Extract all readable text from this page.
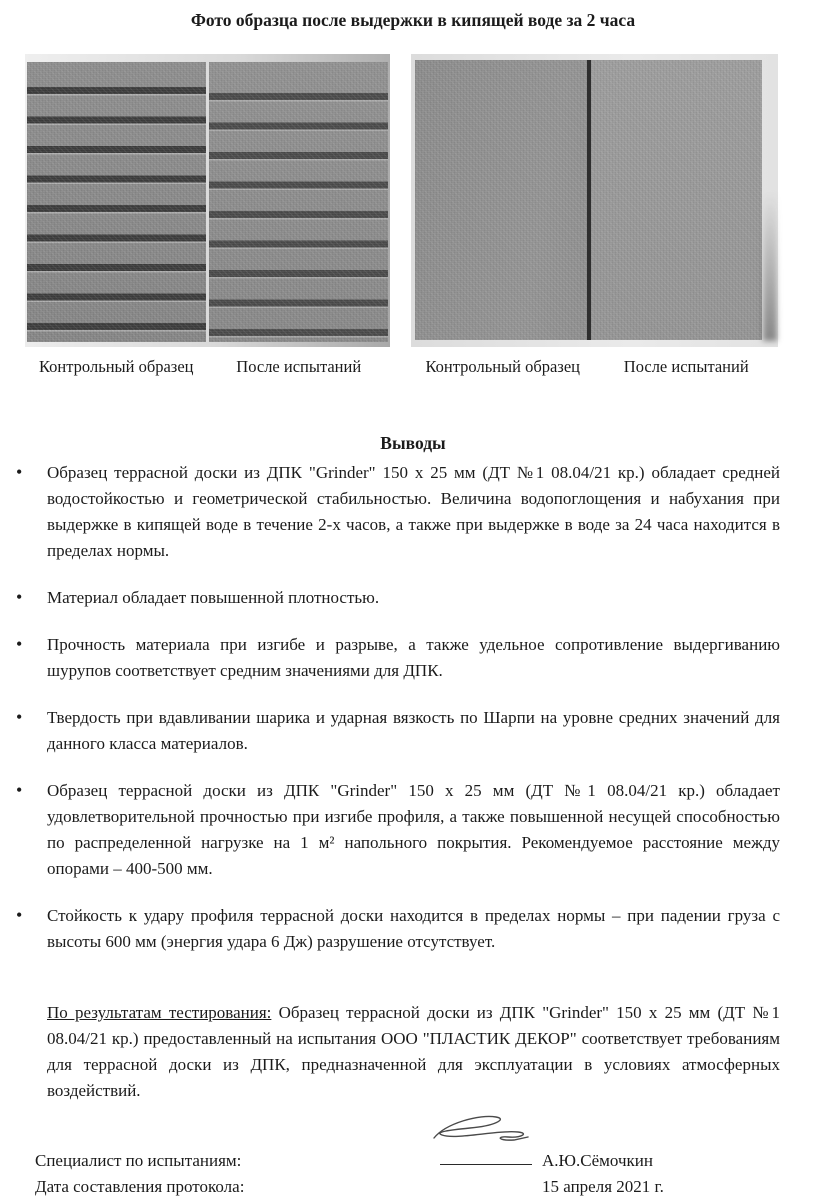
Фото образца после выдержки в кипящей воде за 2 часа
Контрольный образец	После испытаний	Контрольный образец	После испытаний
Выводы
• Образец террасной доски из ДПК "Grinder" 150 х 25 мм (ДТ №1 08.04/21 кр.) обладает средней водостойкостью и геометрической стабильностью. Величина водопоглощения и набухания при выдержке в кипящей воде в течение 2-х часов, а также при выдержке в воде за 24 часа находится в пределах нормы.
• Материал обладает повышенной плотностью.
• Прочность материала при изгибе и разрыве, а также удельное сопротивление выдергиванию шурупов соответствует средним значениями для ДПК.
• Твердость при вдавливании шарика и ударная вязкость по Шарпи на уровне средних значений для данного класса материалов.
• Образец террасной доски из ДПК "Grinder" 150 х 25 мм (ДТ №1 08.04/21 кр.) обладает удовлетворительной прочностью при изгибе профиля, а также повышенной несущей способностью по распределенной нагрузке на 1 м² напольного покрытия. Рекомендуемое расстояние между опорами – 400-500 мм.
• Стойкость к удару профиля террасной доски находится в пределах нормы – при падении груза с высоты 600 мм (энергия удара 6 Дж) разрушение отсутствует.

По результатам тестирования: Образец террасной доски из ДПК "Grinder" 150 х 25 мм (ДТ №1 08.04/21 кр.) предоставленный на испытания ООО "ПЛАСТИК ДЕКОР" соответствует требованиям для террасной доски из ДПК, предназначенной для эксплуатации в условиях атмосферных воздействий.

Специалист по испытаниям:	А.Ю.Сёмочкин
Дата составления протокола:	15 апреля 2021 г.
